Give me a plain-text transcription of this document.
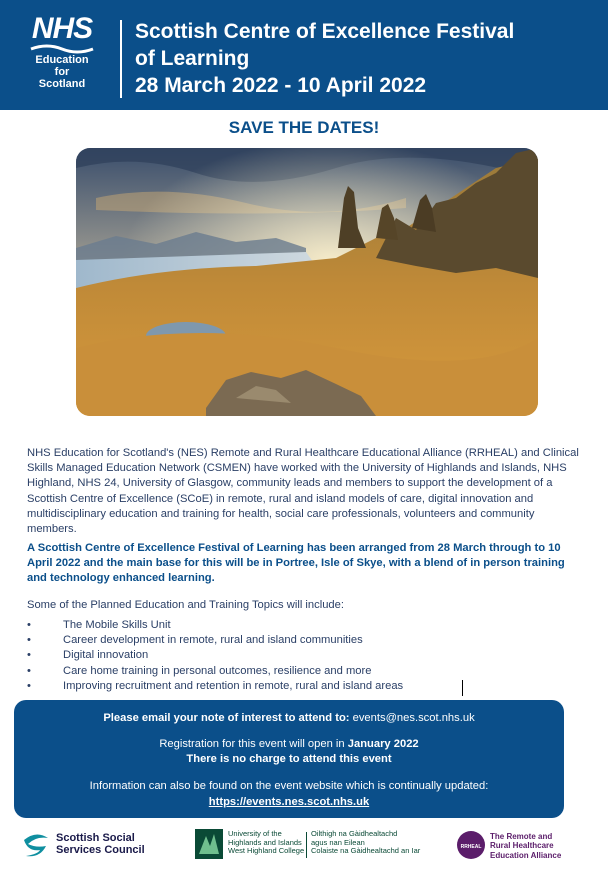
NHS
Education
for
Scotland
Scottish Centre of Excellence Festival
of Learning
28 March 2022 - 10 April 2022
SAVE THE DATES!

NHS Education for Scotland's (NES) Remote and Rural Healthcare Educational Alliance (RRHEAL) and Clinical Skills Managed Education Network (CSMEN) have worked with the University of Highlands and Islands, NHS Highland, NHS 24, University of Glasgow, community leads and members to support the development of a Scottish Centre of Excellence (SCoE) in remote, rural and island models of care, digital innovation and multidisciplinary education and training for health, social care professionals, volunteers and community members.

A Scottish Centre of Excellence Festival of Learning has been arranged from 28 March through to 10 April 2022 and the main base for this will be in Portree, Isle of Skye, with a blend of in person training and technology enhanced learning.

Some of the Planned Education and Training Topics will include:

•	The Mobile Skills Unit
•	Career development in remote, rural and island communities
•	Digital innovation
•	Care home training in personal outcomes, resilience and more
•	Improving recruitment and retention in remote, rural and island areas
Please email your note of interest to attend to: events@nes.scot.nhs.uk
Registration for this event will open in January 2022
There is no charge to attend this event
Information can also be found on the event website which is continually updated:
https://events.nes.scot.nhs.uk
Scottish Social
Services Council
University of the
Highlands and Islands
West Highland College
Oilthigh na Gàidhealtachd
agus nan Eilean
Colaiste na Gàidhealtachd an Iar	RRHEAL
The Remote and
Rural Healthcare
Education Alliance
